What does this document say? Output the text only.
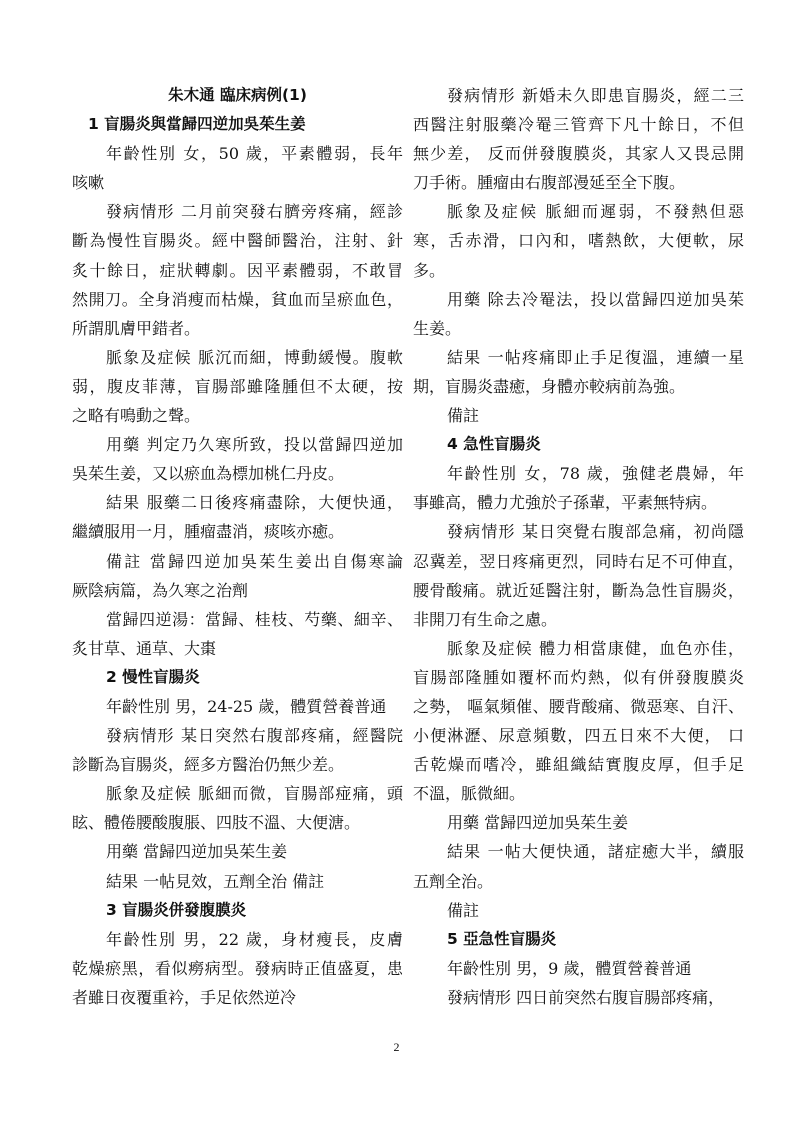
朱木通 臨床病例(1)
1 盲腸炎與當歸四逆加吳茱生姜
年齡性別 女，50 歲，平素體弱，長年
咳嗽
發病情形 二月前突發右臍旁疼痛，經診
斷為慢性盲腸炎。經中醫師醫治，注射、針
炙十餘日，症狀轉劇。因平素體弱，不敢冒
然開刀。全身消瘦而枯燥，貧血而呈瘀血色，
所謂肌膚甲錯者。
脈象及症候 脈沉而細，博動緩慢。腹軟
弱，腹皮菲薄，盲腸部雖隆腫但不太硬，按
之略有鳴動之聲。
用藥 判定乃久寒所致，投以當歸四逆加
吳茱生姜，又以瘀血為標加桃仁丹皮。
結果 服藥二日後疼痛盡除，大便快通，
繼續服用一月，腫瘤盡消，痰咳亦癒。
備註 當歸四逆加吳茱生姜出自傷寒論
厥陰病篇，為久寒之治劑
當歸四逆湯：當歸、桂枝、芍藥、細辛、
炙甘草、通草、大棗
2 慢性盲腸炎
年齡性別 男，24-25 歲，體質營養普通
發病情形 某日突然右腹部疼痛，經醫院
診斷為盲腸炎，經多方醫治仍無少差。
脈象及症候 脈細而微，盲腸部痖痛，頭
眩、體倦腰酸腹脹、四肢不溫、大便溏。
用藥 當歸四逆加吳茱生姜
結果 一帖見效，五劑全治 備註
3 盲腸炎併發腹膜炎
年齡性別 男，22 歲，身材瘦長，皮膚
乾燥瘀黑，看似癆病型。發病時正值盛夏，患
者雖日夜覆重衿，手足依然逆冷
發病情形 新婚未久即患盲腸炎，經二三
西醫注射服藥冷罨三管齊下凡十餘日，不但
無少差， 反而併發腹膜炎，其家人又畏忌開
刀手術。腫瘤由右腹部漫延至全下腹。
脈象及症候 脈細而遲弱，不發熱但惡
寒，舌赤滑，口內和，嗜熱飲，大便軟，尿
多。
用藥 除去冷罨法，投以當歸四逆加吳茱
生姜。
結果 一帖疼痛即止手足復溫，連續一星
期，盲腸炎盡癒，身體亦較病前為強。
備註
4 急性盲腸炎
年齡性別 女，78 歲，強健老農婦，年
事雖高，體力尤強於子孫輩，平素無特病。
發病情形 某日突覺右腹部急痛，初尚隱
忍冀差，翌日疼痛更烈，同時右足不可伸直，
腰骨酸痛。就近延醫注射，斷為急性盲腸炎，
非開刀有生命之慮。
脈象及症候 體力相當康健，血色亦佳，
盲腸部隆腫如覆杯而灼熱，似有併發腹膜炎
之勢， 嘔氣頻催、腰背酸痛、微惡寒、自汗、
小便淋瀝、尿意頻數，四五日來不大便， 口
舌乾燥而嗜冷，雖組織結實腹皮厚，但手足
不溫，脈微細。
用藥 當歸四逆加吳茱生姜
結果 一帖大便快通，諸症癒大半，續服
五劑全治。
備註
5 亞急性盲腸炎
年齡性別 男，9 歲，體質營養普通
發病情形 四日前突然右腹盲腸部疼痛，
2
